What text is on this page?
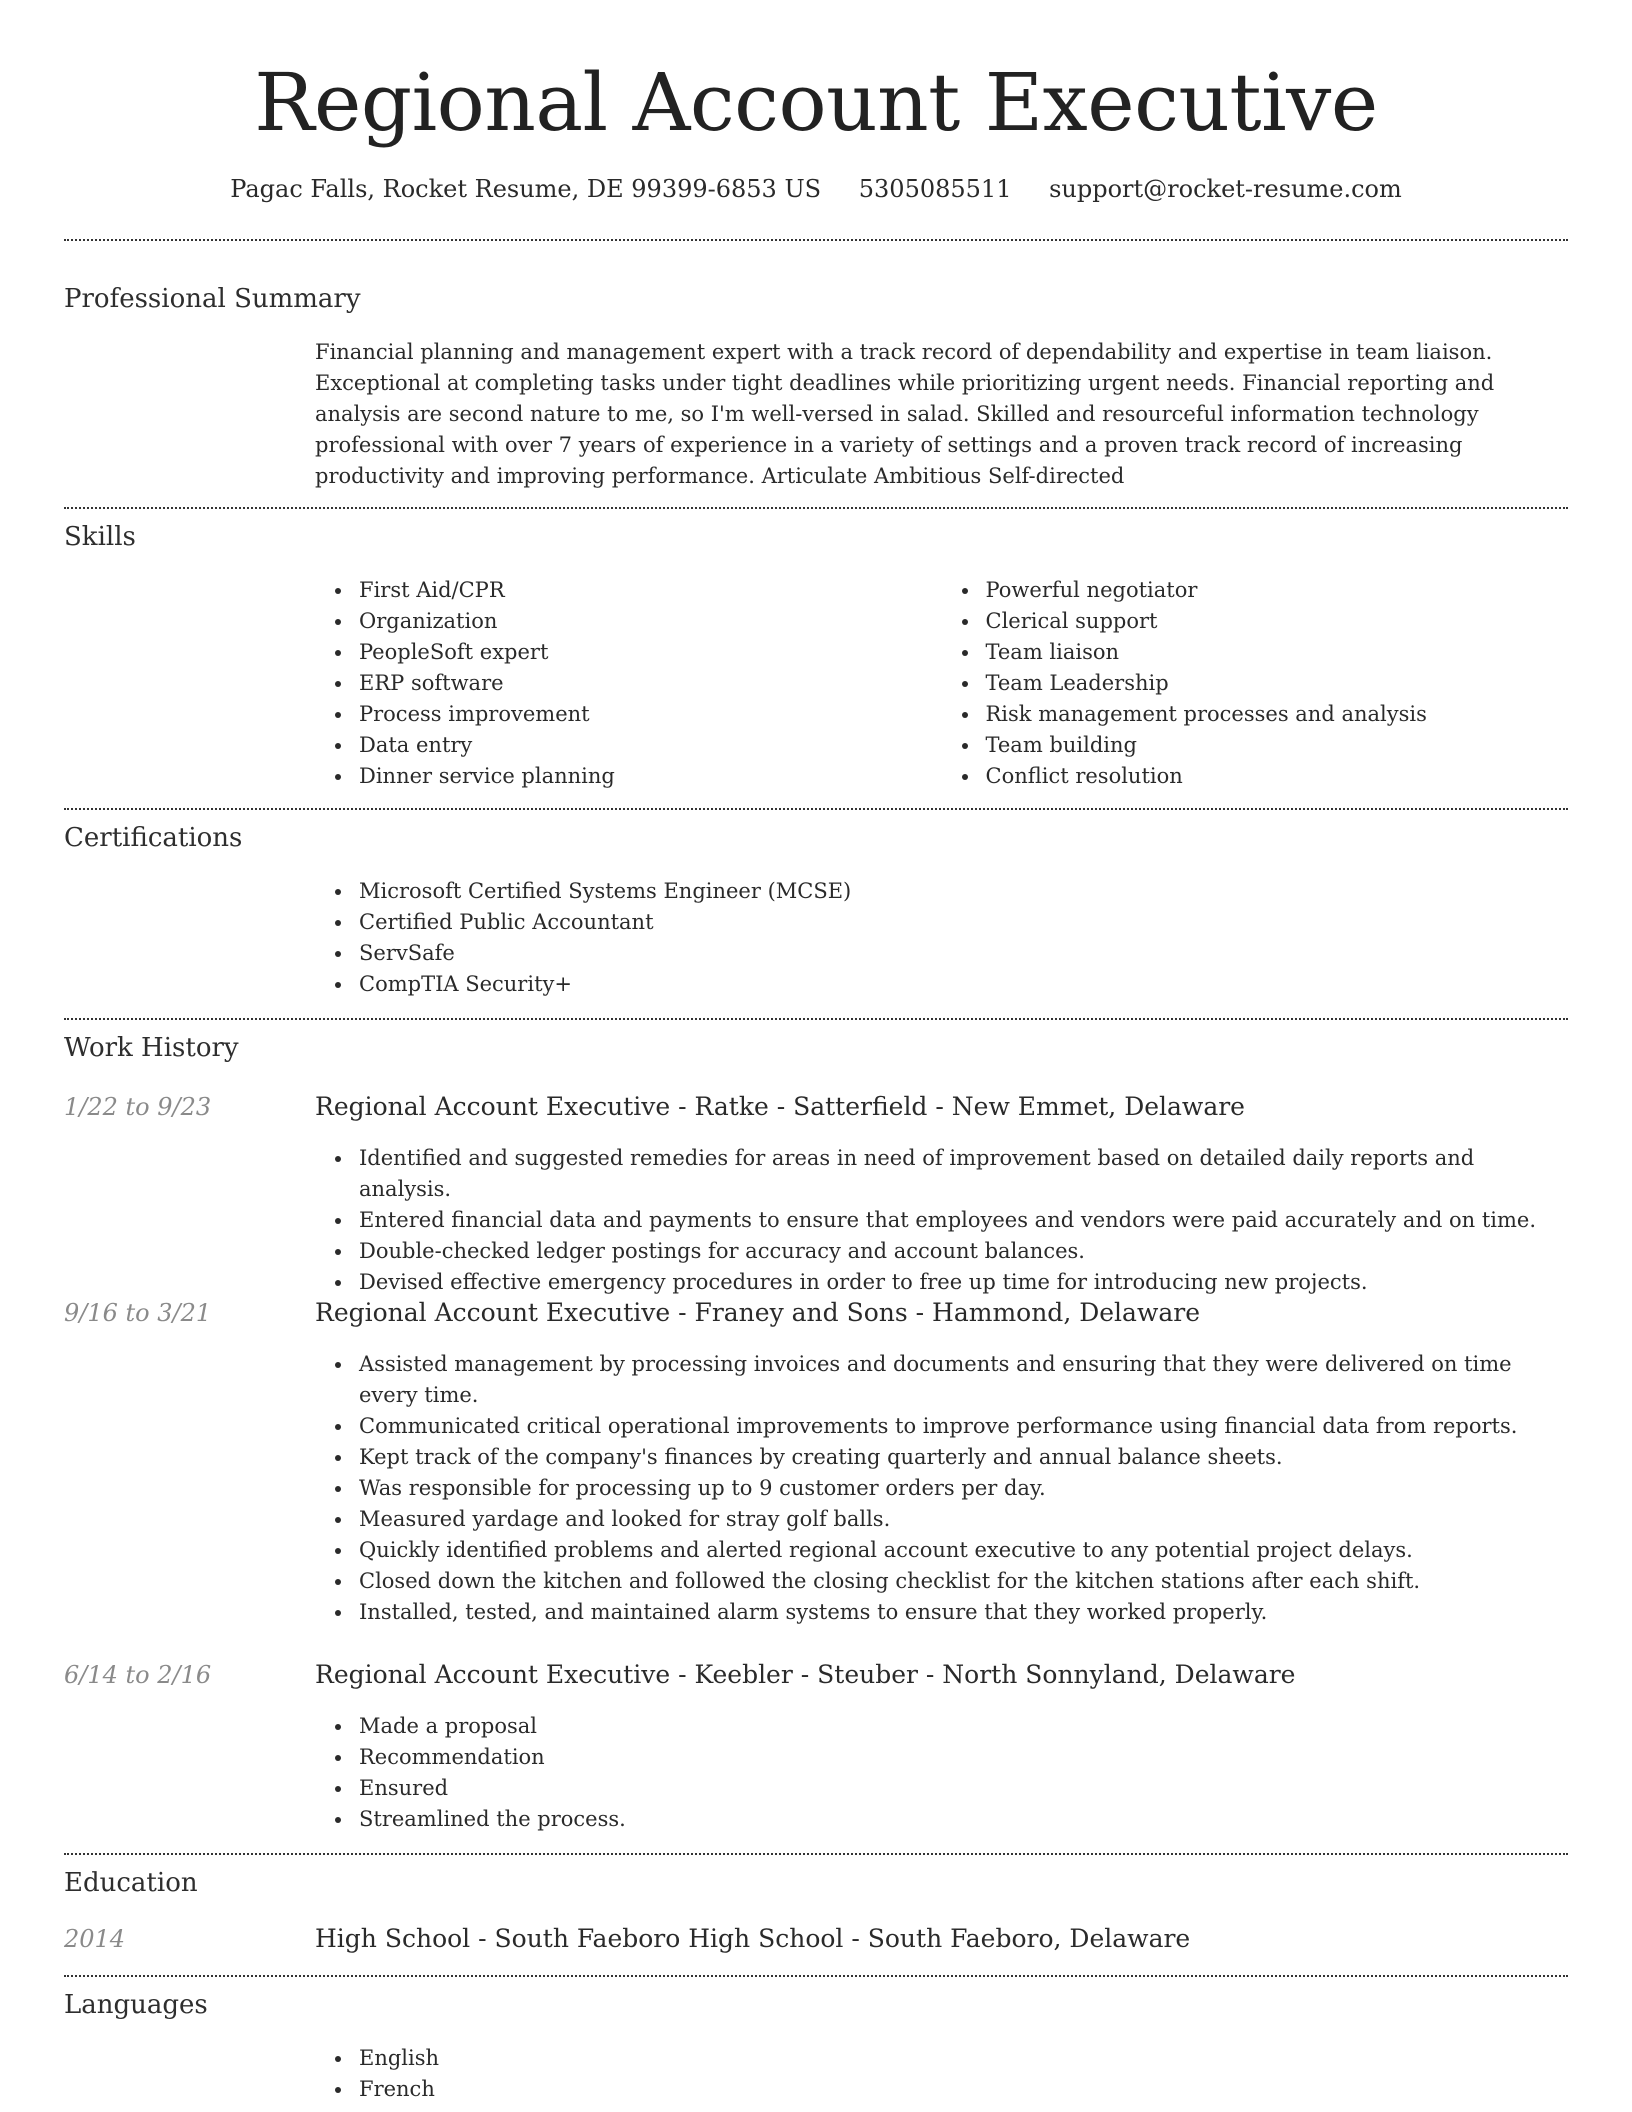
Regional Account Executive
Pagac Falls, Rocket Resume, DE 99399-6853 US 5305085511 support@rocket-resume.com
Professional Summary

Financial planning and management expert with a track record of dependability and expertise in team liaison. Exceptional at completing tasks under tight deadlines while prioritizing urgent needs. Financial reporting and analysis are second nature to me, so I'm well-versed in salad. Skilled and resourceful information technology professional with over 7 years of experience in a variety of settings and a proven track record of increasing productivity and improving performance. Articulate Ambitious Self-directed

Skills
First Aid/CPR
Organization
PeopleSoft expert
ERP software
Process improvement
Data entry
Dinner service planning
Powerful negotiator
Clerical support
Team liaison
Team Leadership
Risk management processes and analysis
Team building
Conflict resolution
Certifications
Microsoft Certified Systems Engineer (MCSE)
Certified Public Accountant
ServSafe
CompTIA Security+
Work History
1/22 to 9/23	Regional Account Executive - Ratke - Satterfield - New Emmet, Delaware
Identified and suggested remedies for areas in need of improvement based on detailed daily reports and analysis.
Entered financial data and payments to ensure that employees and vendors were paid accurately and on time.
Double-checked ledger postings for accuracy and account balances.
Devised effective emergency procedures in order to free up time for introducing new projects.
9/16 to 3/21	Regional Account Executive - Franey and Sons - Hammond, Delaware
Assisted management by processing invoices and documents and ensuring that they were delivered on time every time.
Communicated critical operational improvements to improve performance using financial data from reports.
Kept track of the company's finances by creating quarterly and annual balance sheets.
Was responsible for processing up to 9 customer orders per day.
Measured yardage and looked for stray golf balls.
Quickly identified problems and alerted regional account executive to any potential project delays.
Closed down the kitchen and followed the closing checklist for the kitchen stations after each shift.
Installed, tested, and maintained alarm systems to ensure that they worked properly.
6/14 to 2/16	Regional Account Executive - Keebler - Steuber - North Sonnyland, Delaware
Made a proposal
Recommendation
Ensured
Streamlined the process.
Education
2014	High School - South Faeboro High School - South Faeboro, Delaware
Languages
English
French
